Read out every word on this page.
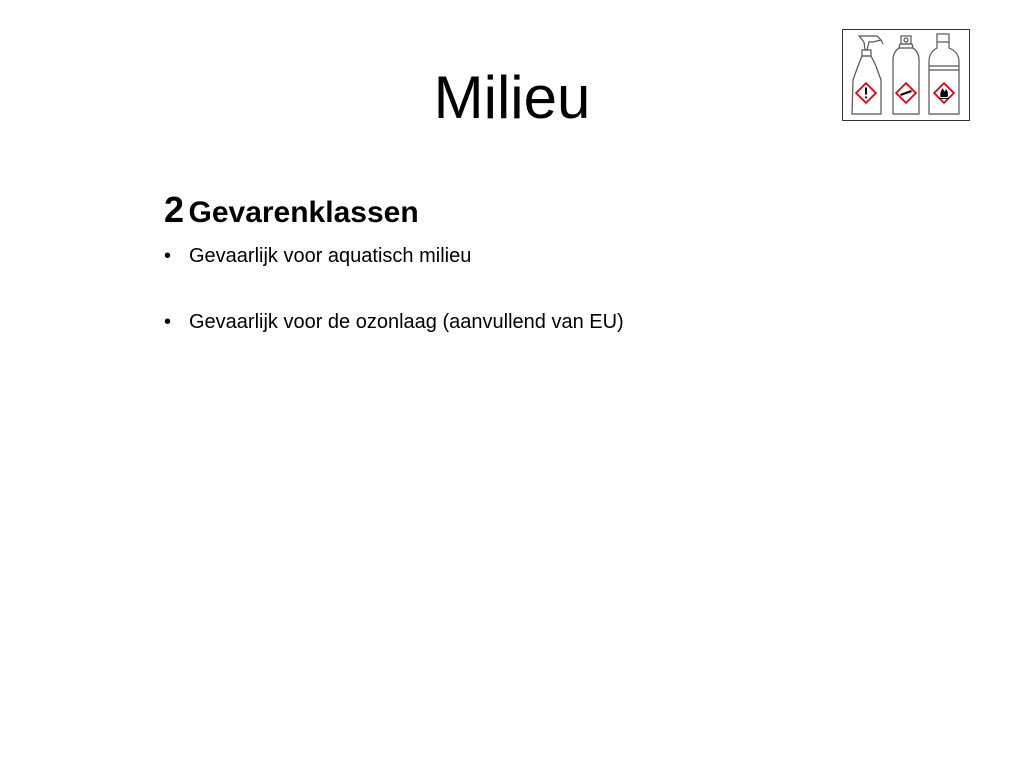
Milieu

2 Gevarenklassen

• Gevaarlijk voor aquatisch milieu
• Gevaarlijk voor de ozonlaag (aanvullend van EU)
